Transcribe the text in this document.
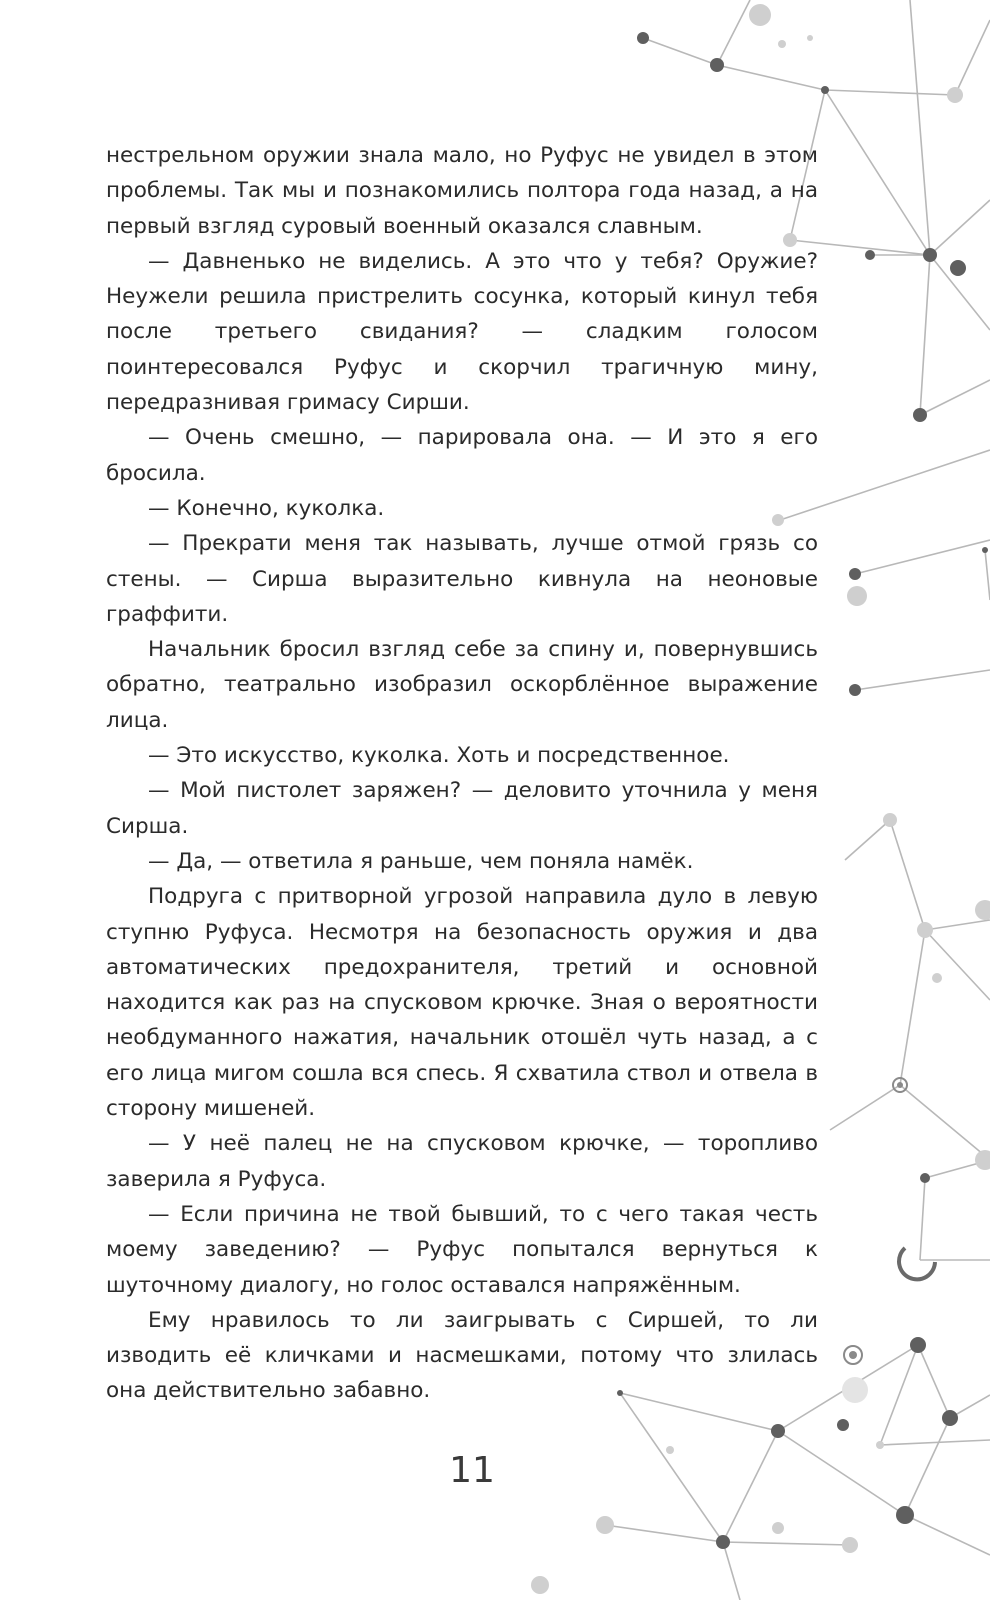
нестрельном оружии знала мало, но Руфус не увидел в этом проблемы. Так мы и познакомились полтора года назад, а на первый взгляд суровый военный оказался славным.

— Давненько не виделись. А это что у тебя? Оружие? Неужели решила пристрелить сосунка, который кинул тебя после третьего свидания? — сладким голосом поинтересовался Руфус и скорчил трагичную мину, передразнивая гримасу Сирши.

— Очень смешно, — парировала она. — И это я его бросила.

— Конечно, куколка.

— Прекрати меня так называть, лучше отмой грязь со стены. — Сирша выразительно кивнула на неоновые граффити.

Начальник бросил взгляд себе за спину и, повернувшись обратно, театрально изобразил оскорблённое выражение лица.

— Это искусство, куколка. Хоть и посредственное.

— Мой пистолет заряжен? — деловито уточнила у меня Сирша.

— Да, — ответила я раньше, чем поняла намёк.

Подруга с притворной угрозой направила дуло в левую ступню Руфуса. Несмотря на безопасность оружия и два автоматических предохранителя, третий и основной находится как раз на спусковом крючке. Зная о вероятности необдуманного нажатия, начальник отошёл чуть назад, а с его лица мигом сошла вся спесь. Я схватила ствол и отвела в сторону мишеней.

— У неё палец не на спусковом крючке, — торопливо заверила я Руфуса.

— Если причина не твой бывший, то с чего такая честь моему заведению? — Руфус попытался вернуться к шуточному диалогу, но голос оставался напряжённым.

Ему нравилось то ли заигрывать с Сиршей, то ли изводить её кличками и насмешками, потому что злилась она действительно забавно.

11
